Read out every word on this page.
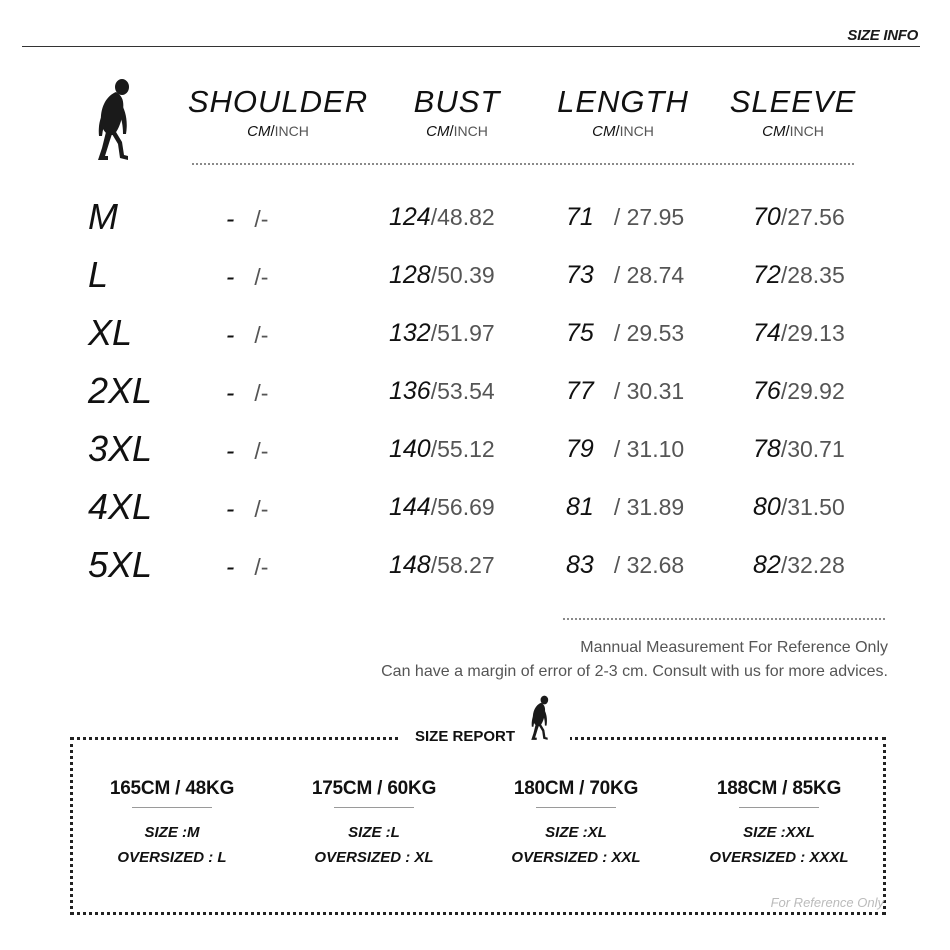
SIZE INFO
SHOULDER
CM/INCH
BUST
CM/INCH
LENGTH
CM/INCH
SLEEVE
CM/INCH
M	- /-	124/48.82	71 / 27.95	70/27.56
L	- /-	128/50.39	73 / 28.74	72/28.35
XL	- /-	132/51.97	75 / 29.53	74/29.13
2XL	- /-	136/53.54	77 / 30.31	76/29.92
3XL	- /-	140/55.12	79 / 31.10	78/30.71
4XL	- /-	144/56.69	81 / 31.89	80/31.50
5XL	- /-	148/58.27	83 / 32.68	82/32.28
Mannual Measurement For Reference Only
Can have a margin of error of 2-3 cm. Consult with us for more advices.
SIZE REPORT
165CM / 48KG
SIZE :M
OVERSIZED : L
175CM / 60KG
SIZE :L
OVERSIZED : XL
180CM / 70KG
SIZE :XL
OVERSIZED : XXL
188CM / 85KG
SIZE :XXL
OVERSIZED : XXXL
For Reference Only
